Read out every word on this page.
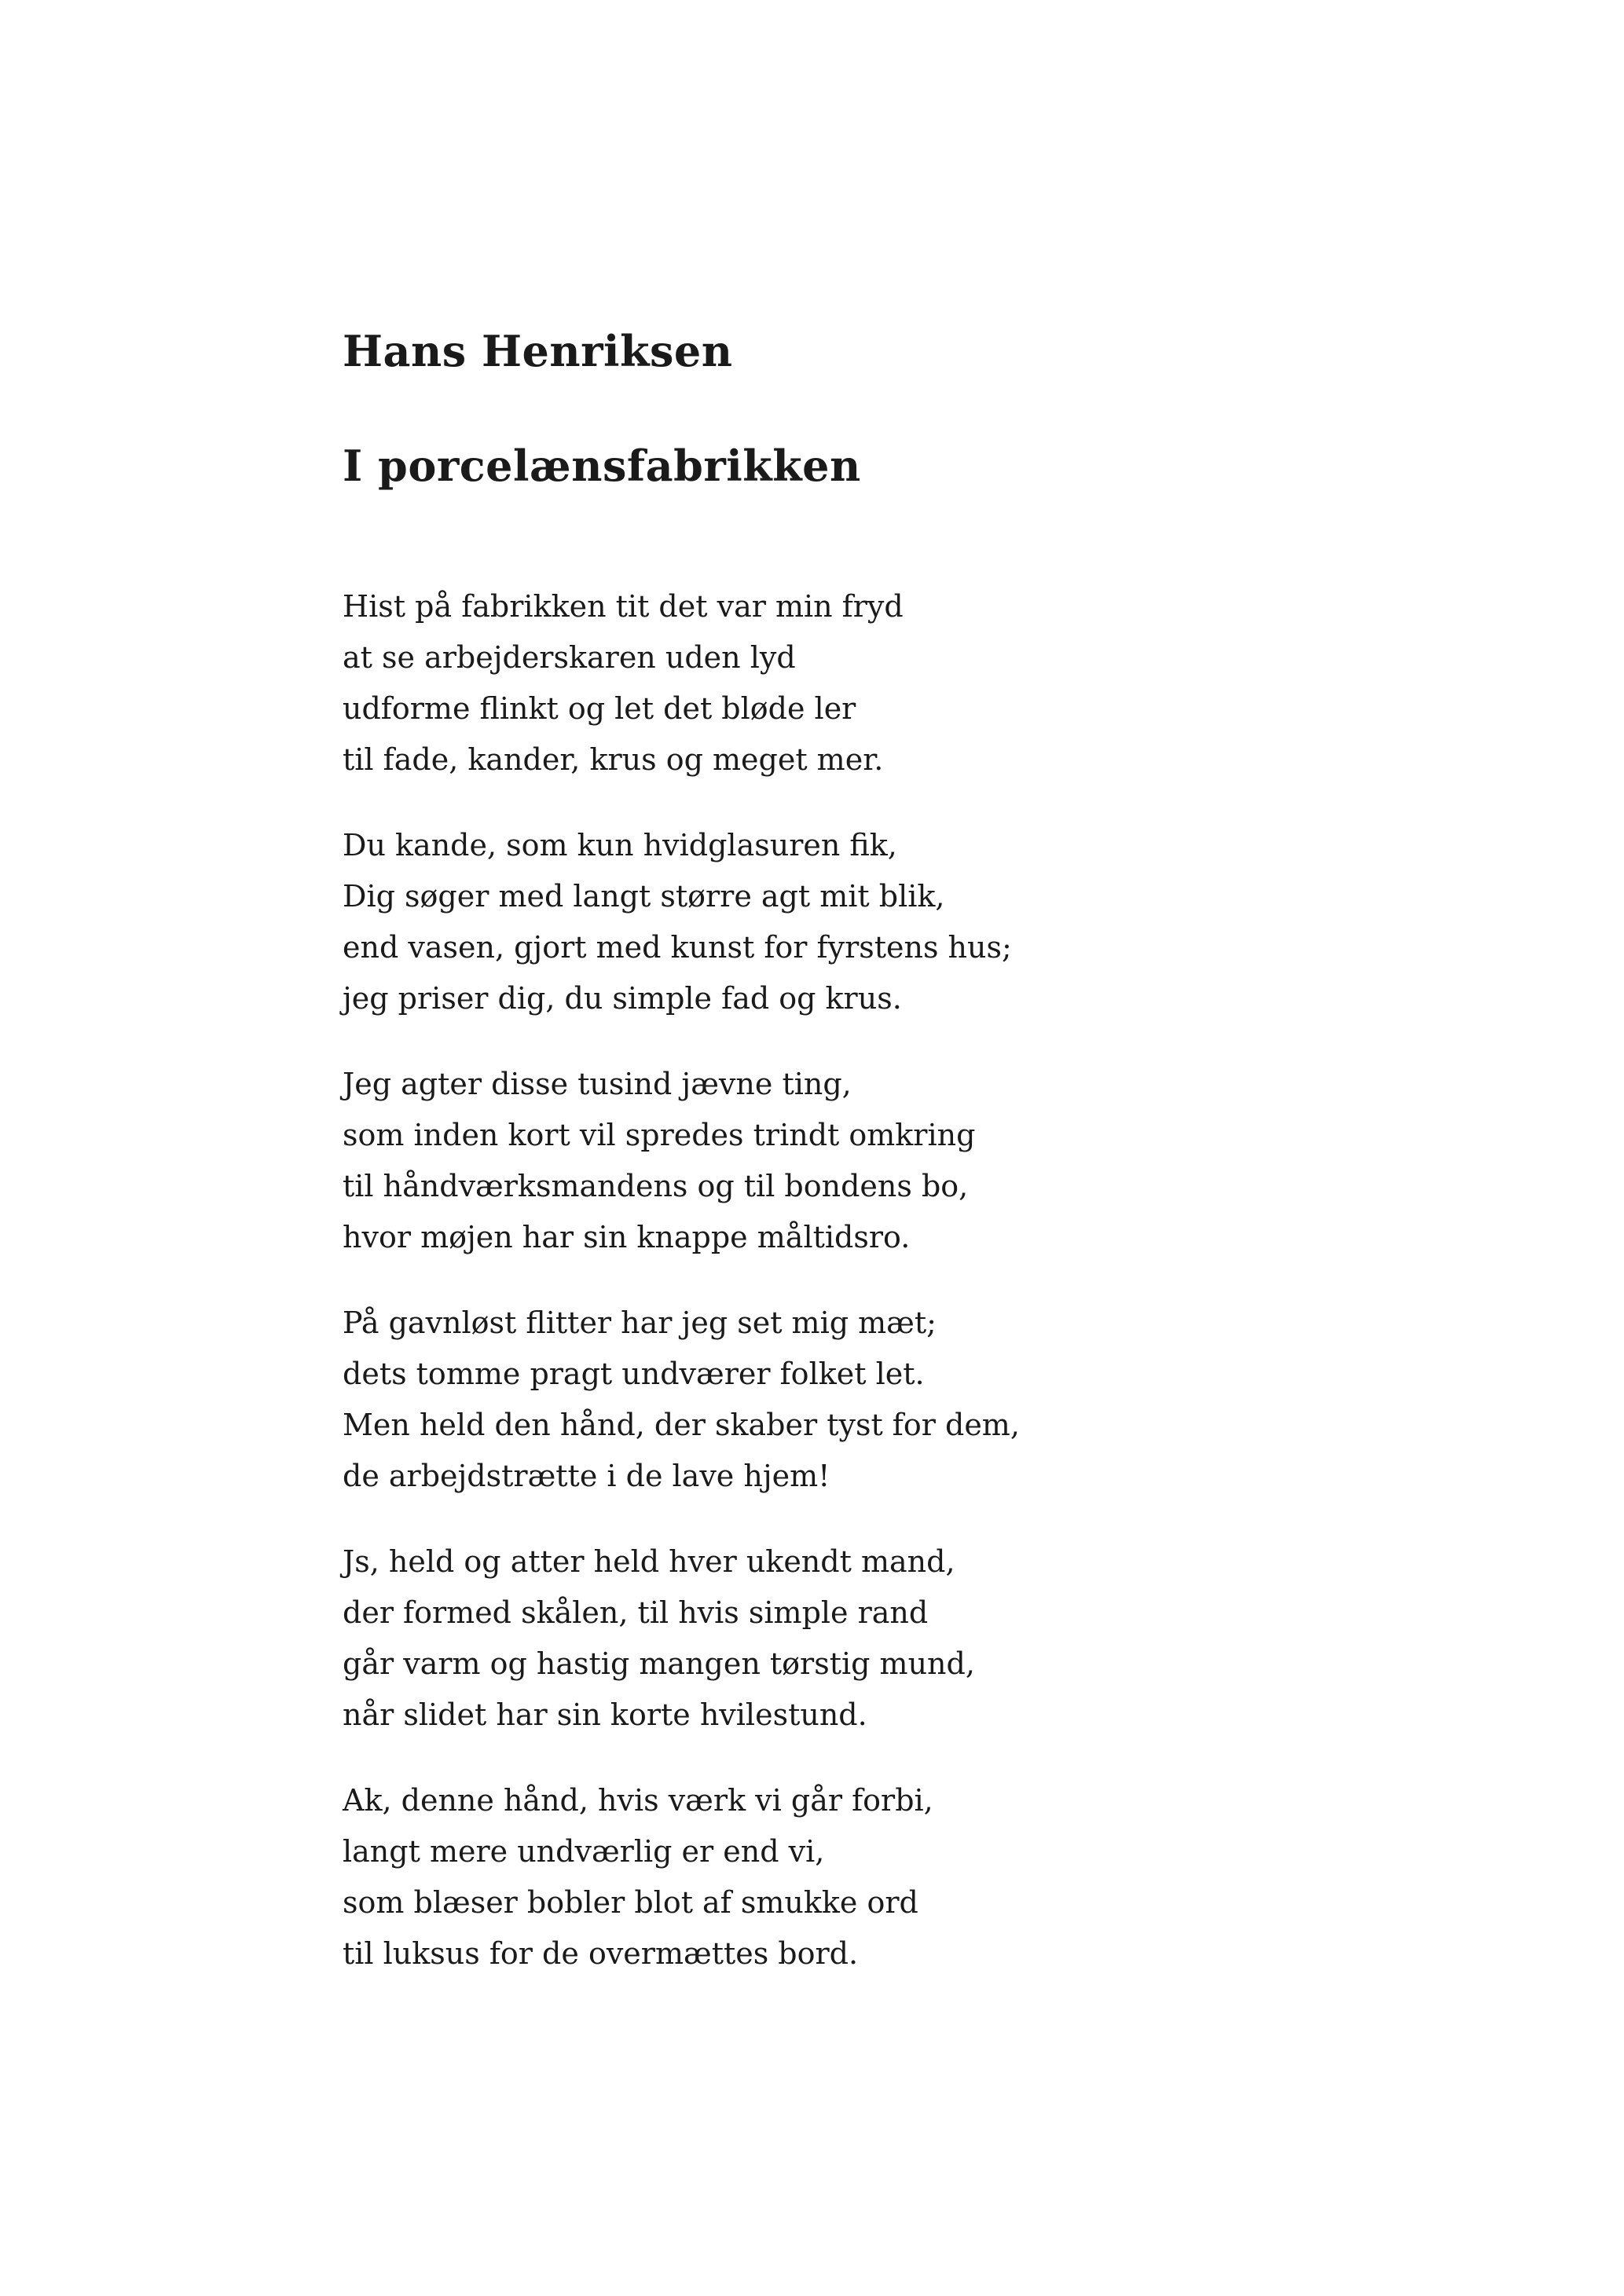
Hans Henriksen
I porcelænsfabrikken
Hist på fabrikken tit det var min fryd
at se arbejderskaren uden lyd
udforme flinkt og let det bløde ler
til fade, kander, krus og meget mer.
Du kande, som kun hvidglasuren fik,
Dig søger med langt større agt mit blik,
end vasen, gjort med kunst for fyrstens hus;
jeg priser dig, du simple fad og krus.
Jeg agter disse tusind jævne ting,
som inden kort vil spredes trindt omkring
til håndværksmandens og til bondens bo,
hvor møjen har sin knappe måltidsro.
På gavnløst flitter har jeg set mig mæt;
dets tomme pragt undværer folket let.
Men held den hånd, der skaber tyst for dem,
de arbejdstrætte i de lave hjem!
Js, held og atter held hver ukendt mand,
der formed skålen, til hvis simple rand
går varm og hastig mangen tørstig mund,
når slidet har sin korte hvilestund.
Ak, denne hånd, hvis værk vi går forbi,
langt mere undværlig er end vi,
som blæser bobler blot af smukke ord
til luksus for de overmættes bord.
